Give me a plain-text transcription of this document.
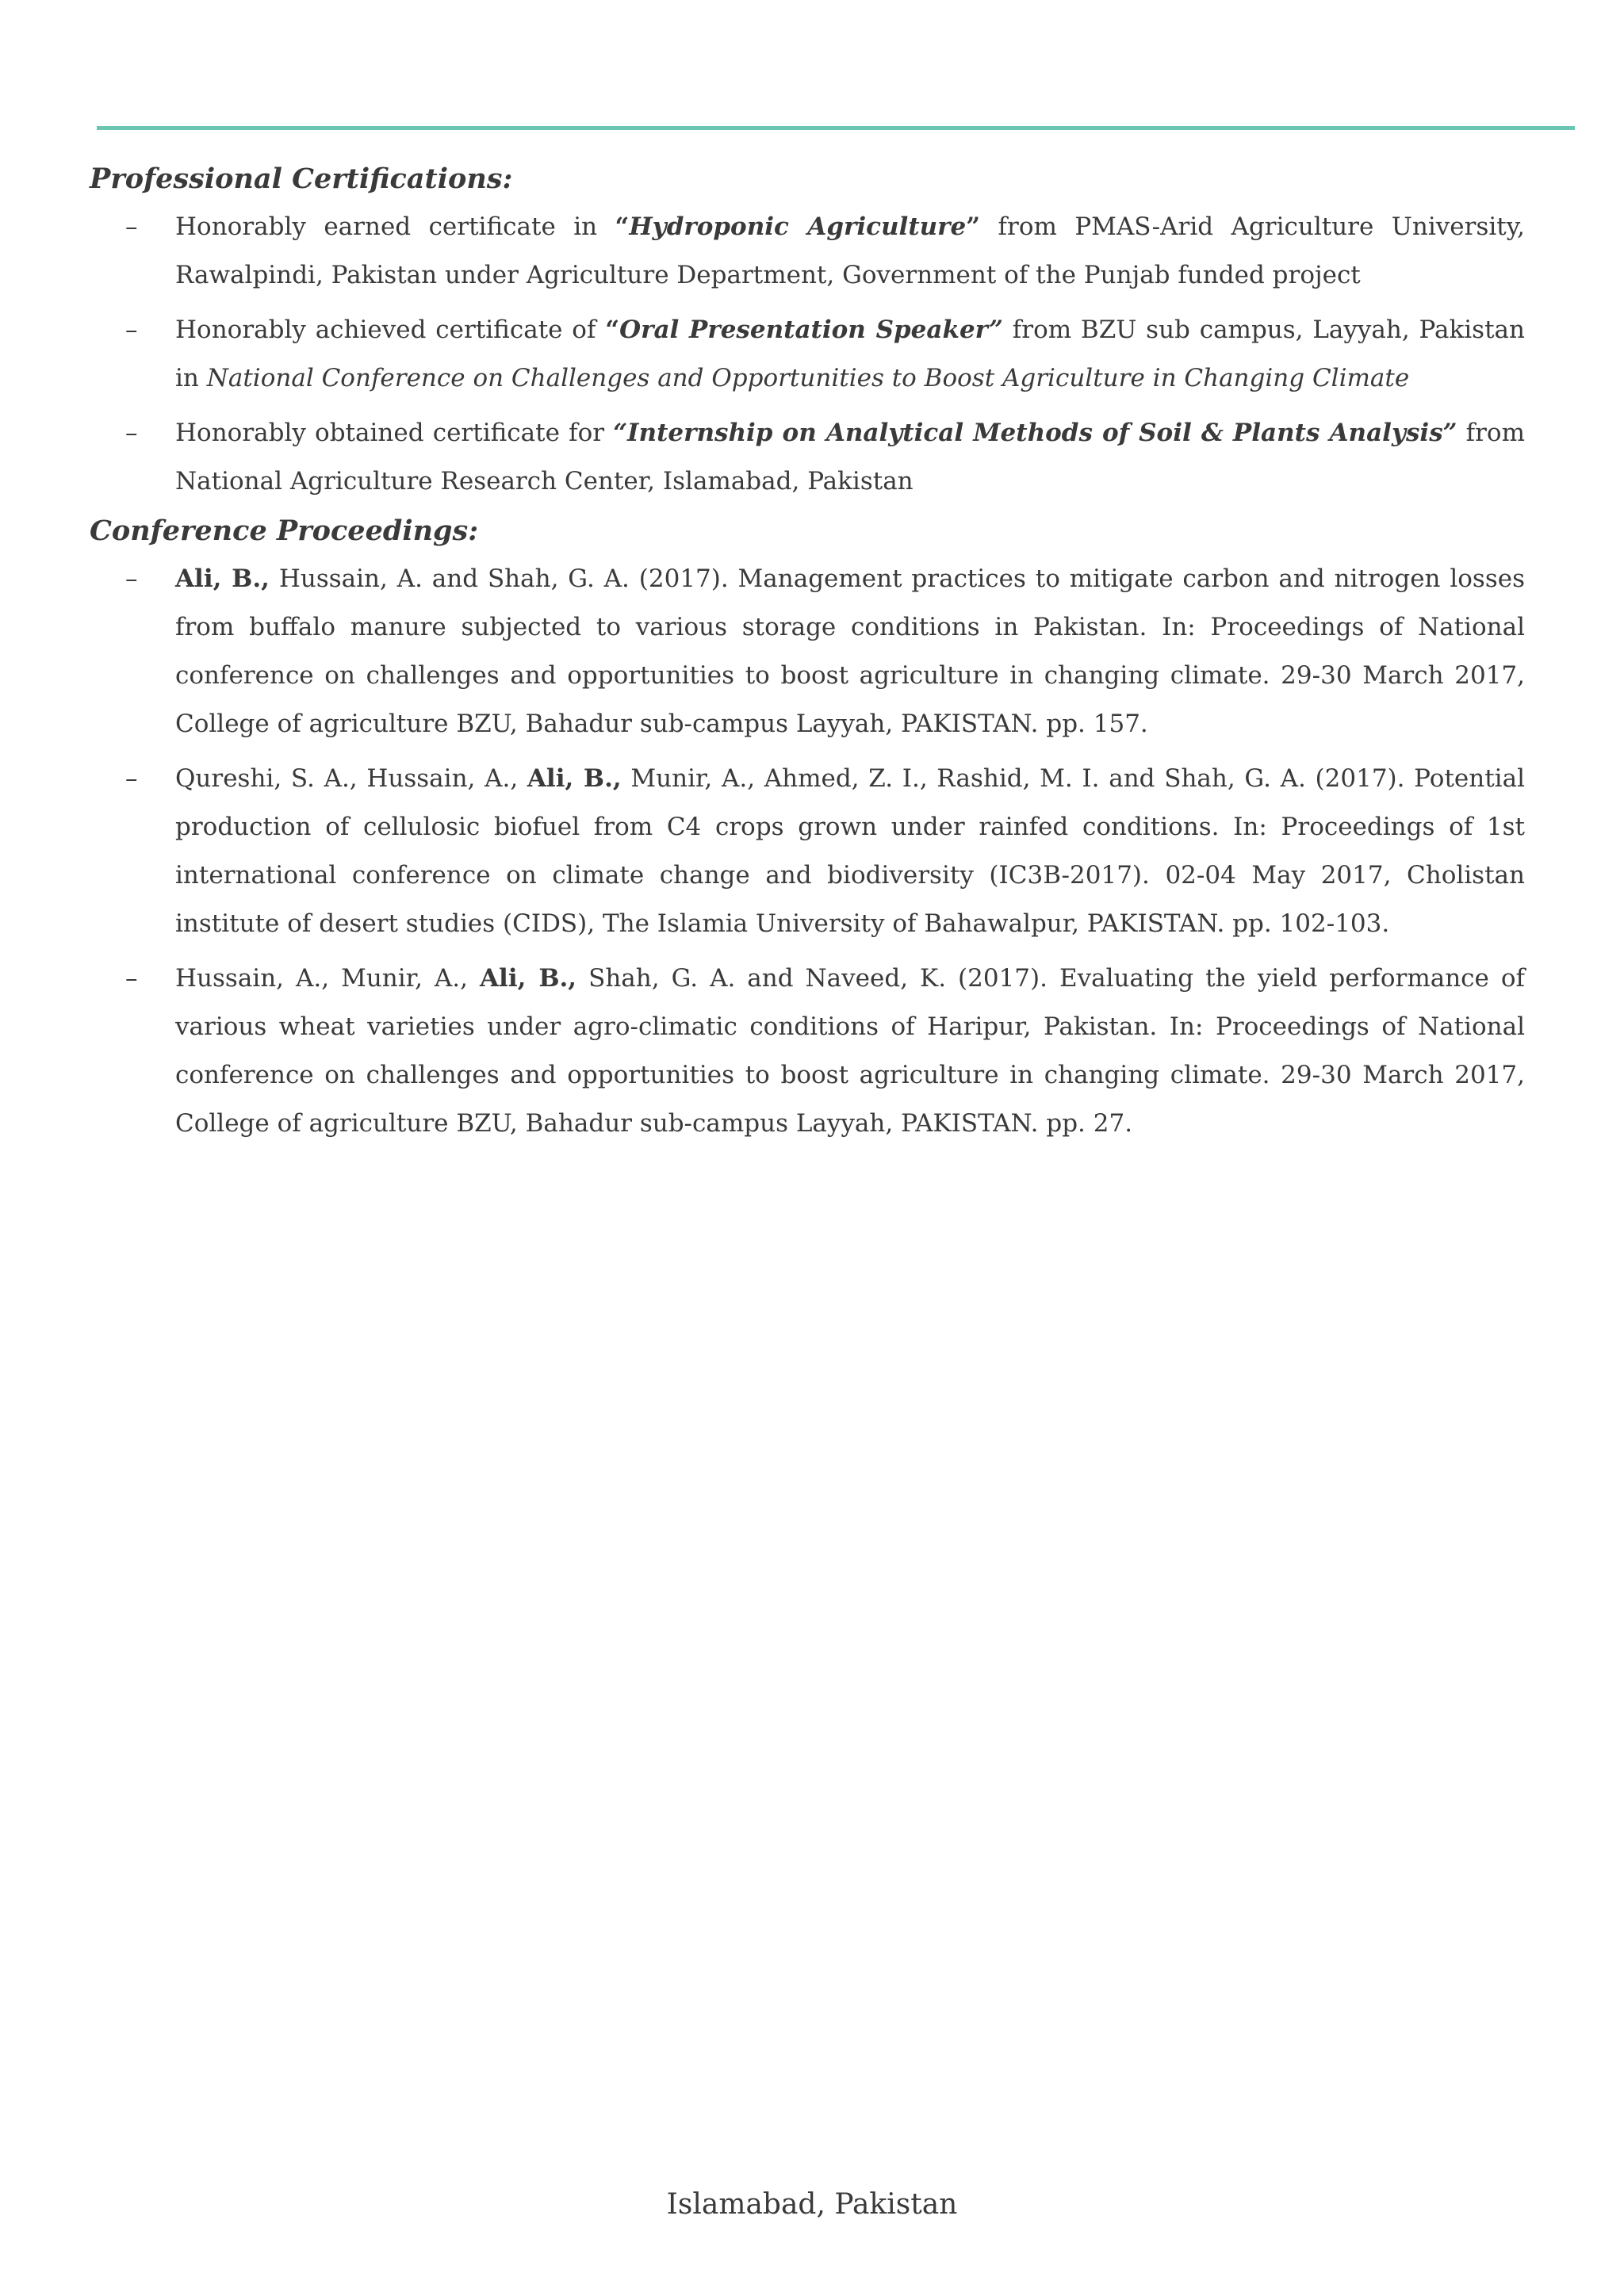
Professional Certifications:
– Honorably earned certificate in “Hydroponic Agriculture” from PMAS-Arid Agriculture University, Rawalpindi, Pakistan under Agriculture Department, Government of the Punjab funded project
– Honorably achieved certificate of “Oral Presentation Speaker” from BZU sub campus, Layyah, Pakistan in National Conference on Challenges and Opportunities to Boost Agriculture in Changing Climate
– Honorably obtained certificate for “Internship on Analytical Methods of Soil & Plants Analysis” from National Agriculture Research Center, Islamabad, Pakistan
Conference Proceedings:
– Ali, B., Hussain, A. and Shah, G. A. (2017). Management practices to mitigate carbon and nitrogen losses from buffalo manure subjected to various storage conditions in Pakistan. In: Proceedings of National conference on challenges and opportunities to boost agriculture in changing climate. 29-30 March 2017, College of agriculture BZU, Bahadur sub-campus Layyah, PAKISTAN. pp. 157.
– Qureshi, S. A., Hussain, A., Ali, B., Munir, A., Ahmed, Z. I., Rashid, M. I. and Shah, G. A. (2017). Potential production of cellulosic biofuel from C4 crops grown under rainfed conditions. In: Proceedings of 1st international conference on climate change and biodiversity (IC3B-2017). 02-04 May 2017, Cholistan institute of desert studies (CIDS), The Islamia University of Bahawalpur, PAKISTAN. pp. 102-103.
– Hussain, A., Munir, A., Ali, B., Shah, G. A. and Naveed, K. (2017). Evaluating the yield performance of various wheat varieties under agro-climatic conditions of Haripur, Pakistan. In: Proceedings of National conference on challenges and opportunities to boost agriculture in changing climate. 29-30 March 2017, College of agriculture BZU, Bahadur sub-campus Layyah, PAKISTAN. pp. 27.
Islamabad, Pakistan
